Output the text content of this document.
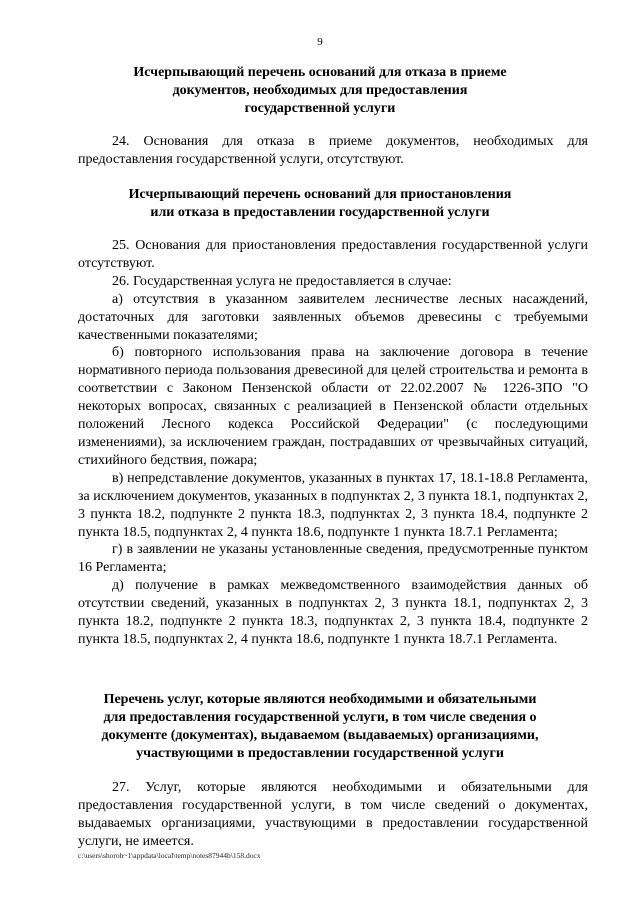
9
Исчерпывающий перечень оснований для отказа в приеме
документов, необходимых для предоставления
государственной услуги

24. Основания для отказа в приеме документов, необходимых для предоставления государственной услуги, отсутствуют.

Исчерпывающий перечень оснований для приостановления
или отказа в предоставлении государственной услуги

25. Основания для приостановления предоставления государственной услуги отсутствуют.

26. Государственная услуга не предоставляется в случае:

а) отсутствия в указанном заявителем лесничестве лесных насаждений, достаточных для заготовки заявленных объемов древесины с требуемыми качественными показателями;

б) повторного использования права на заключение договора в течение нормативного периода пользования древесиной для целей строительства и ремонта в соответствии с Законом Пензенской области от 22.02.2007 № 1226-ЗПО "О некоторых вопросах, связанных с реализацией в Пензенской области отдельных положений Лесного кодекса Российской Федерации" (с последующими изменениями), за исключением граждан, пострадавших от чрезвычайных ситуаций, стихийного бедствия, пожара;

в) непредставление документов, указанных в пунктах 17, 18.1-18.8 Регламента, за исключением документов, указанных в подпунктах 2, 3 пункта 18.1, подпунктах 2, 3 пункта 18.2, подпункте 2 пункта 18.3, подпунктах 2, 3 пункта 18.4, подпункте 2 пункта 18.5, подпунктах 2, 4 пункта 18.6, подпункте 1 пункта 18.7.1 Регламента;

г) в заявлении не указаны установленные сведения, предусмотренные пунктом 16 Регламента;

д) получение в рамках межведомственного взаимодействия данных об отсутствии сведений, указанных в подпунктах 2, 3 пункта 18.1, подпунктах 2, 3 пункта 18.2, подпункте 2 пункта 18.3, подпунктах 2, 3 пункта 18.4, подпункте 2 пункта 18.5, подпунктах 2, 4 пункта 18.6, подпункте 1 пункта 18.7.1 Регламента.

Перечень услуг, которые являются необходимыми и обязательными
для предоставления государственной услуги, в том числе сведения о
документе (документах), выдаваемом (выдаваемых) организациями,
участвующими в предоставлении государственной услуги

27. Услуг, которые являются необходимыми и обязательными для предоставления государственной услуги, в том числе сведений о документах, выдаваемых организациями, участвующими в предоставлении государственной услуги, не имеется.

c:\users\shoroh~1\appdata\local\temp\notes87944b\158.docx
